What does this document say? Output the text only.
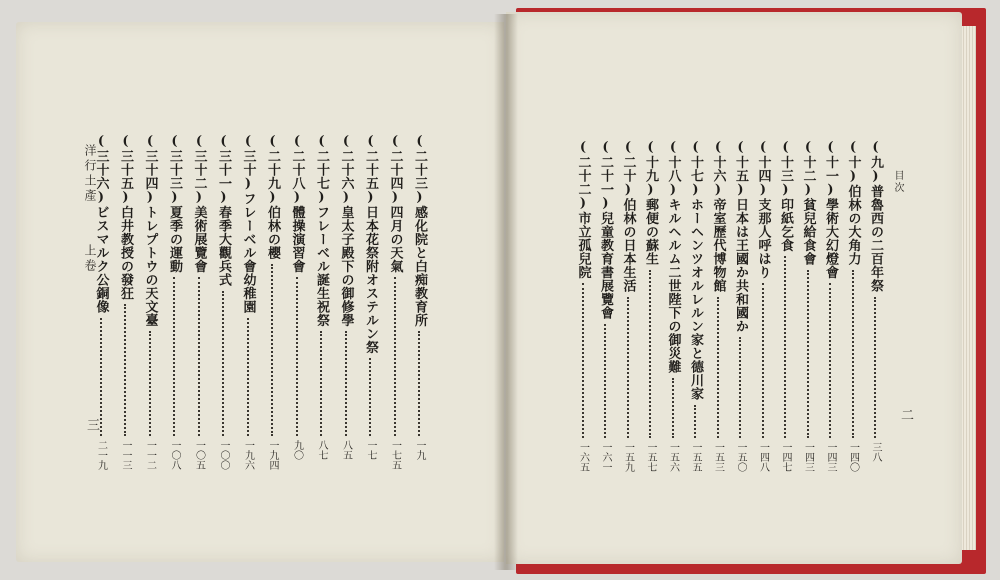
(二十三)感化院と白痴教育所
一九
(二十四)四月の天氣
一七五
(二十五)日本花祭附オステルン祭
一七
(二十六)皇太子殿下の御修學
八五
(二十七)フレーベル誕生祝祭
八七
(二十八)體操演習會
九〇
(二十九)伯林の櫻
一九四
(三十)フレーベル會幼稚園
一九六
(三十一)春季大觀兵式
一〇〇
(三十二)美術展覽會
一〇五
(三十三)夏季の運動
一〇八
(三十四)トレプトウの天文臺
一一二
(三十五)白井教授の發狂
一一三
(三十六)ビスマルク公銅像
二一九
洋行土產
上卷
三
(九)普魯西の二百年祭
三八
(十)伯林の大角力
一四〇
(十一)學術大幻燈會
一四三
(十二)貧兒給食會
一四三
(十三)印紙乞食
一四七
(十四)支那人呼はり
一四八
(十五)日本は王國か共和國か
一五〇
(十六)帝室歷代博物館
一五三
(十七)ホーヘンツオルレルン家と德川家
一五五
(十八)キルヘルム二世陛下の御災難
一五六
(十九)郵便の蘇生
一五七
(二十)伯林の日本生活
一五九
(二十一)兒童教育書展覽會
一六一
(二十二)市立孤兒院
一六五
目次
二
